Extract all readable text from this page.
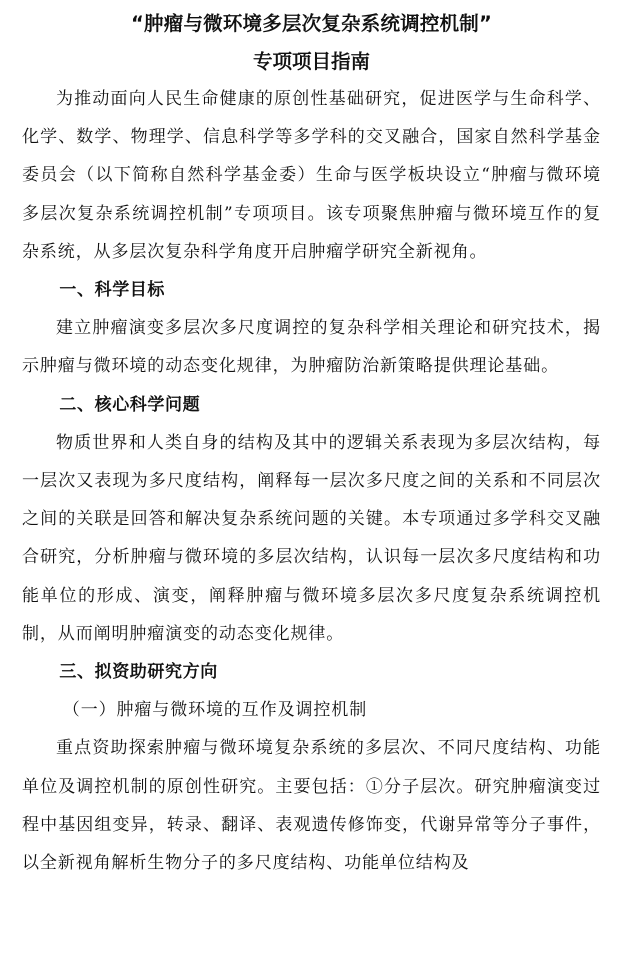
“肿瘤与微环境多层次复杂系统调控机制”

专项项目指南

为推动面向人民生命健康的原创性基础研究，促进医学与生命科学、化学、数学、物理学、信息科学等多学科的交叉融合，国家自然科学基金委员会（以下简称自然科学基金委）生命与医学板块设立“肿瘤与微环境多层次复杂系统调控机制”专项项目。该专项聚焦肿瘤与微环境互作的复杂系统，从多层次复杂科学角度开启肿瘤学研究全新视角。

一、科学目标

建立肿瘤演变多层次多尺度调控的复杂科学相关理论和研究技术，揭示肿瘤与微环境的动态变化规律，为肿瘤防治新策略提供理论基础。

二、核心科学问题

物质世界和人类自身的结构及其中的逻辑关系表现为多层次结构，每一层次又表现为多尺度结构，阐释每一层次多尺度之间的关系和不同层次之间的关联是回答和解决复杂系统问题的关键。本专项通过多学科交叉融合研究，分析肿瘤与微环境的多层次结构，认识每一层次多尺度结构和功能单位的形成、演变，阐释肿瘤与微环境多层次多尺度复杂系统调控机制，从而阐明肿瘤演变的动态变化规律。

三、拟资助研究方向

（一）肿瘤与微环境的互作及调控机制

重点资助探索肿瘤与微环境复杂系统的多层次、不同尺度结构、功能单位及调控机制的原创性研究。主要包括：①分子层次。研究肿瘤演变过程中基因组变异，转录、翻译、表观遗传修饰变，代谢异常等分子事件，以全新视角解析生物分子的多尺度结构、功能单位结构及
